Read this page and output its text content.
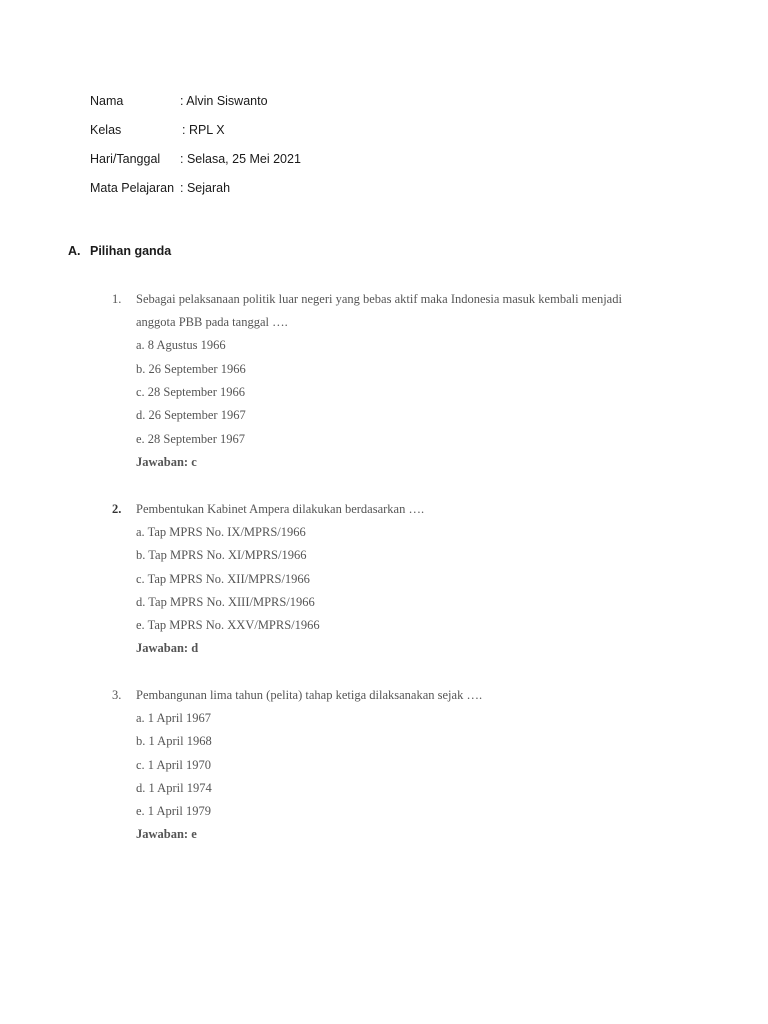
Nama	: Alvin Siswanto
Kelas	: RPL X
Hari/Tanggal : Selasa, 25 Mei 2021
Mata Pelajaran : Sejarah
A. Pilihan ganda
1. Sebagai pelaksanaan politik luar negeri yang bebas aktif maka Indonesia masuk kembali menjadi
anggota PBB pada tanggal ….
a. 8 Agustus 1966
b. 26 September 1966
c. 28 September 1966
d. 26 September 1967
e. 28 September 1967
Jawaban: c
2. Pembentukan Kabinet Ampera dilakukan berdasarkan ….
a. Tap MPRS No. IX/MPRS/1966
b. Tap MPRS No. XI/MPRS/1966
c. Tap MPRS No. XII/MPRS/1966
d. Tap MPRS No. XIII/MPRS/1966
e. Tap MPRS No. XXV/MPRS/1966
Jawaban: d
3. Pembangunan lima tahun (pelita) tahap ketiga dilaksanakan sejak ….
a. 1 April 1967
b. 1 April 1968
c. 1 April 1970
d. 1 April 1974
e. 1 April 1979
Jawaban: e
